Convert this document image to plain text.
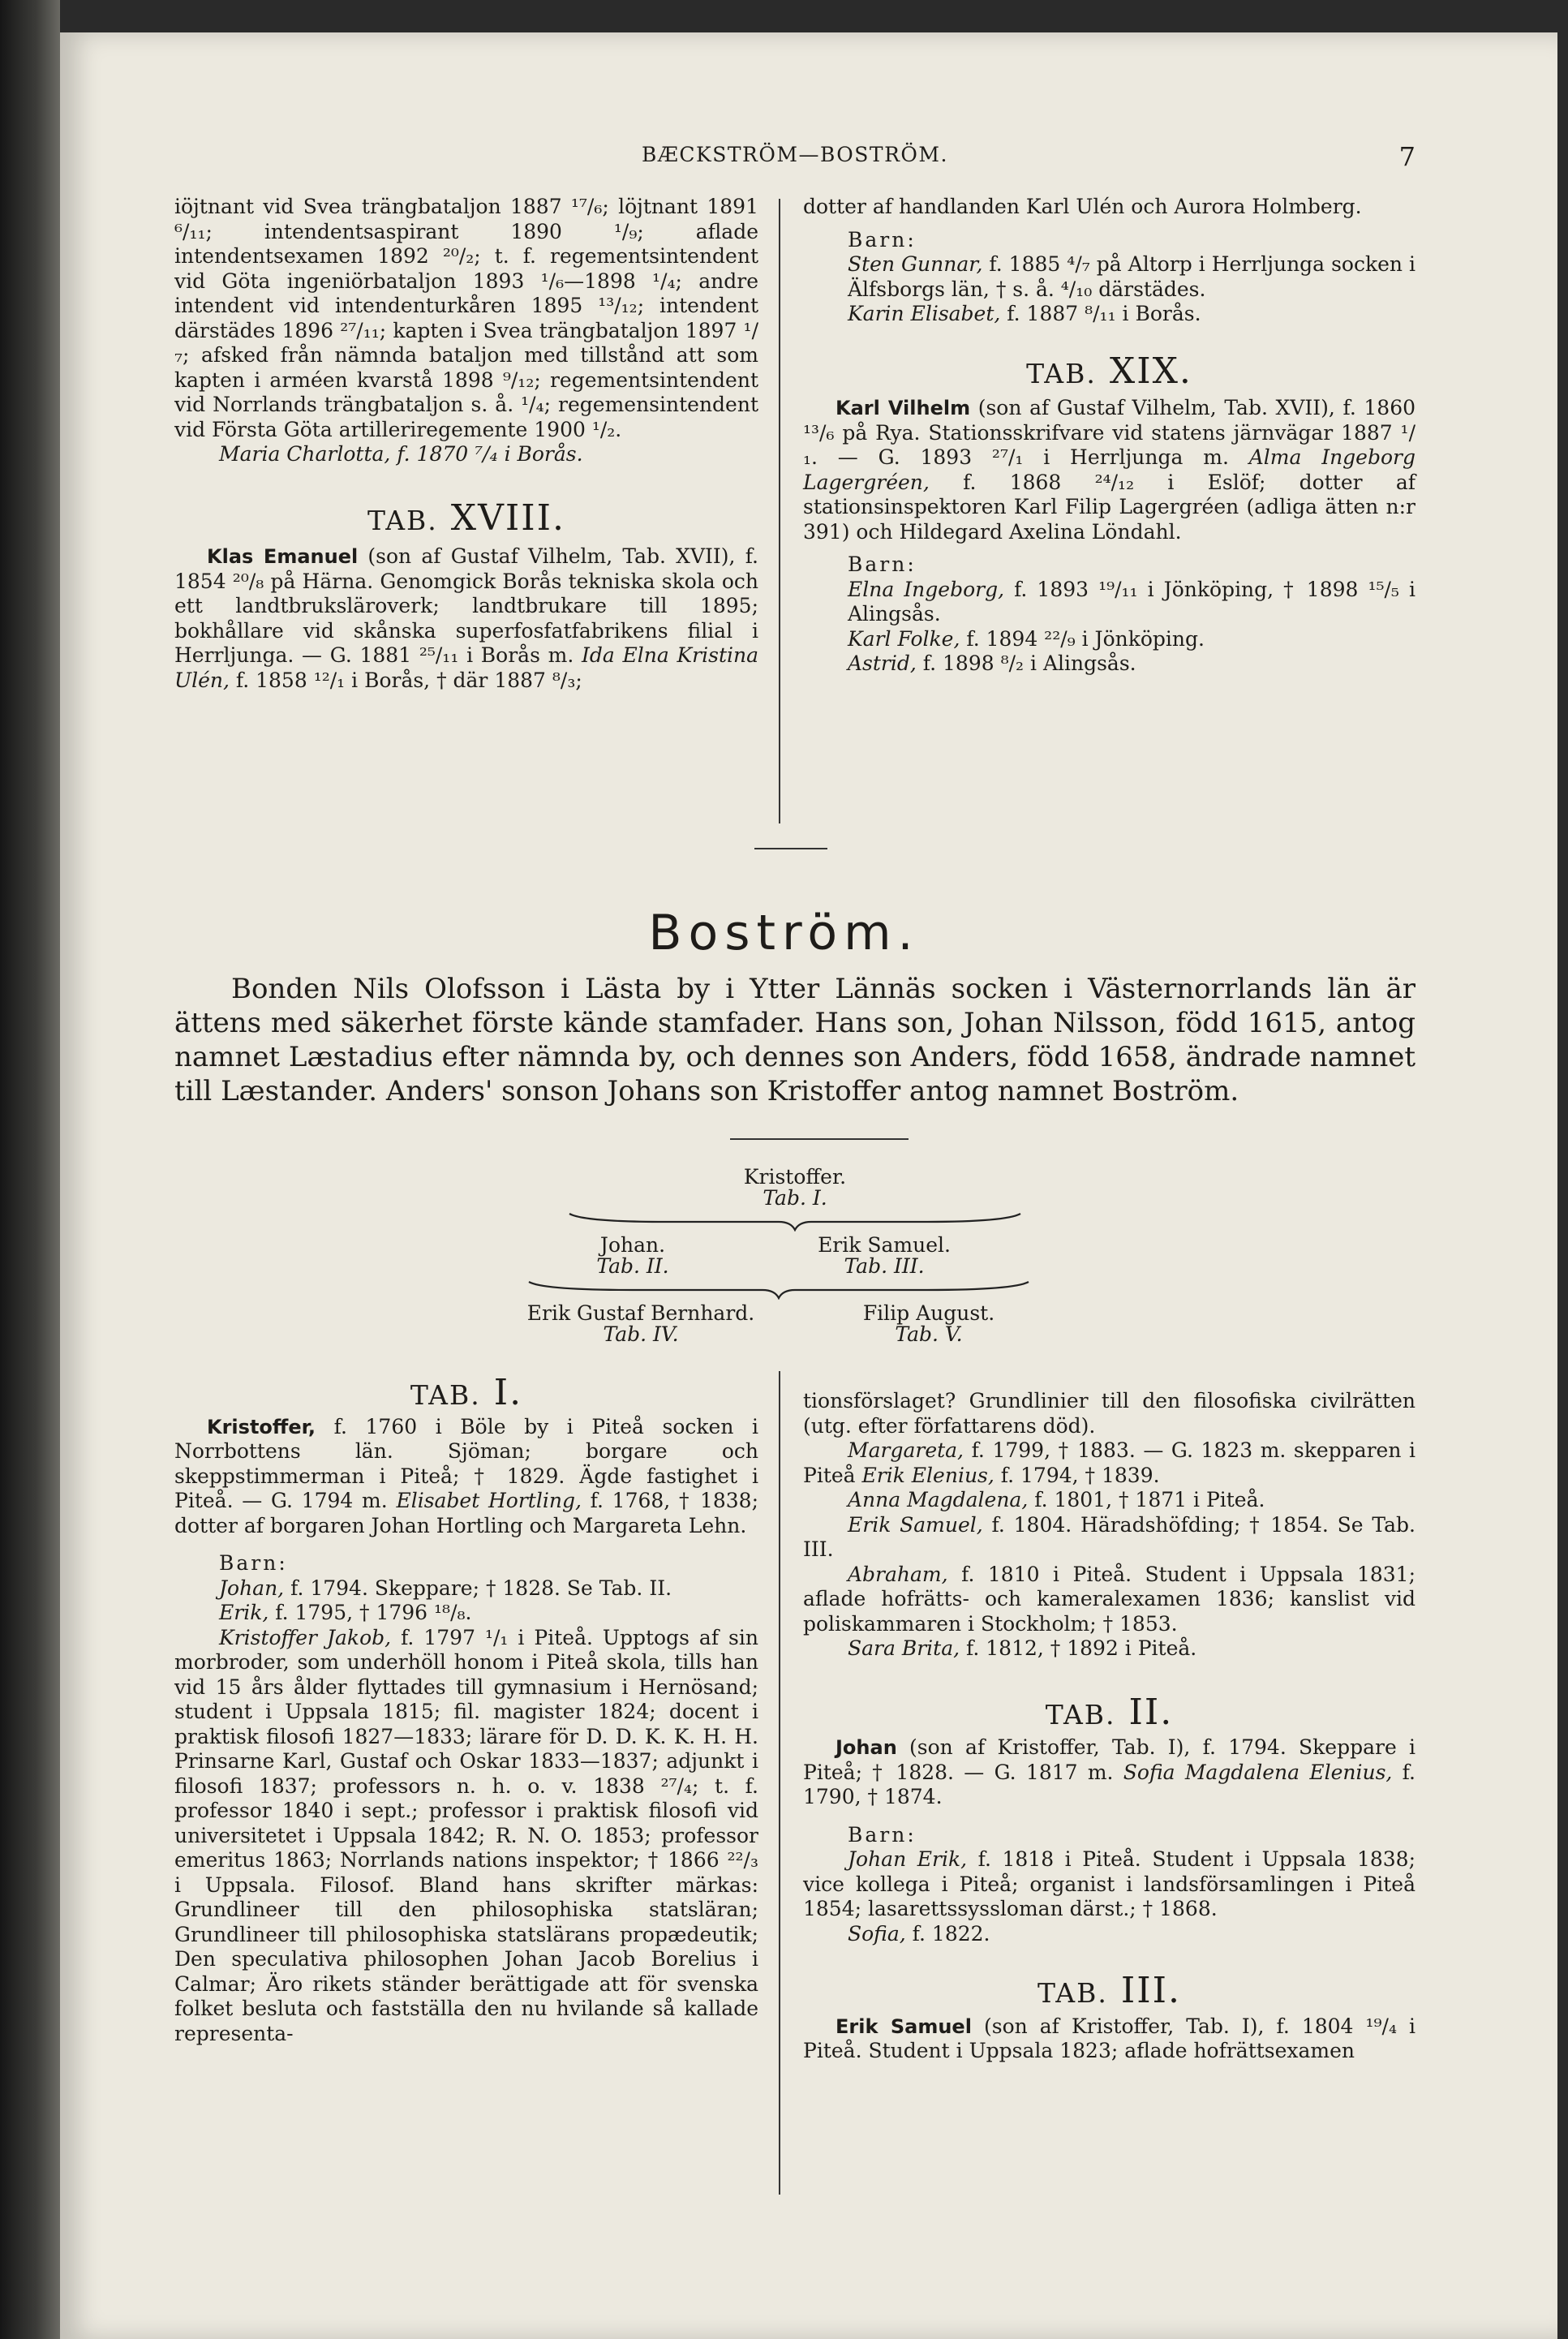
BÆCKSTRÖM—BOSTRÖM.	7

iöjtnant vid Svea trängbataljon 1887 ¹⁷/₆; löjtnant 1891 ⁶/₁₁; intendentsaspirant 1890 ¹/₉; aflade intendentsexamen 1892 ²⁰/₂; t. f. regementsintendent vid Göta ingeniörbataljon 1893 ¹/₆—1898 ¹/₄; andre intendent vid intendenturkåren 1895 ¹³/₁₂; intendent därstädes 1896 ²⁷/₁₁; kapten i Svea trängbataljon 1897 ¹/₇; afsked från nämnda bataljon med tillstånd att som kapten i arméen kvarstå 1898 ⁹/₁₂; regementsintendent vid Norrlands trängbataljon s. å. ¹/₄; regemensintendent vid Första Göta artilleriregemente 1900 ¹/₂.

Maria Charlotta, f. 1870 ⁷/₄ i Borås.

TAB. XVIII.

Klas Emanuel (son af Gustaf Vilhelm, Tab. XVII), f. 1854 ²⁰/₈ på Härna. Genomgick Borås tekniska skola och ett landtbruksläroverk; landtbrukare till 1895; bokhållare vid skånska superfosfatfabrikens filial i Herrljunga. — G. 1881 ²⁵/₁₁ i Borås m. Ida Elna Kristina Ulén, f. 1858 ¹²/₁ i Borås, † där 1887 ⁸/₃;

dotter af handlanden Karl Ulén och Aurora Holmberg.

Barn:

Sten Gunnar, f. 1885 ⁴/₇ på Altorp i Herrljunga socken i Älfsborgs län, † s. å. ⁴/₁₀ därstädes.

Karin Elisabet, f. 1887 ⁸/₁₁ i Borås.

TAB. XIX.

Karl Vilhelm (son af Gustaf Vilhelm, Tab. XVII), f. 1860 ¹³/₆ på Rya. Stationsskrifvare vid statens järnvägar 1887 ¹/₁. — G. 1893 ²⁷/₁ i Herrljunga m. Alma Ingeborg Lagergréen, f. 1868 ²⁴/₁₂ i Eslöf; dotter af stationsinspektoren Karl Filip Lagergréen (adliga ätten n:r 391) och Hildegard Axelina Löndahl.

Barn:

Elna Ingeborg, f. 1893 ¹⁹/₁₁ i Jönköping, † 1898 ¹⁵/₅ i Alingsås.

Karl Folke, f. 1894 ²²/₉ i Jönköping.

Astrid, f. 1898 ⁸/₂ i Alingsås.

Boström.

Bonden Nils Olofsson i Lästa by i Ytter Lännäs socken i Västernorrlands län är ättens med säkerhet förste kände stamfader. Hans son, Johan Nilsson, född 1615, antog namnet Læstadius efter nämnda by, och dennes son Anders, född 1658, ändrade namnet till Læstander. Anders' sonson Johans son Kristoffer antog namnet Boström.

Kristoffer.
Tab. I.
Johan.
Tab. II.
Erik Samuel.
Tab. III.
Erik Gustaf Bernhard.
Tab. IV.
Filip August.
Tab. V.

TAB. I.

Kristoffer, f. 1760 i Böle by i Piteå socken i Norrbottens län. Sjöman; borgare och skeppstimmerman i Piteå; † 1829. Ägde fastighet i Piteå. — G. 1794 m. Elisabet Hortling, f. 1768, † 1838; dotter af borgaren Johan Hortling och Margareta Lehn.

Barn:

Johan, f. 1794. Skeppare; † 1828. Se Tab. II.

Erik, f. 1795, † 1796 ¹⁸/₈.

Kristoffer Jakob, f. 1797 ¹/₁ i Piteå. Upptogs af sin morbroder, som underhöll honom i Piteå skola, tills han vid 15 års ålder flyttades till gymnasium i Hernösand; student i Uppsala 1815; fil. magister 1824; docent i praktisk filosofi 1827—1833; lärare för D. D. K. K. H. H. Prinsarne Karl, Gustaf och Oskar 1833—1837; adjunkt i filosofi 1837; professors n. h. o. v. 1838 ²⁷/₄; t. f. professor 1840 i sept.; professor i praktisk filosofi vid universitetet i Uppsala 1842; R. N. O. 1853; professor emeritus 1863; Norrlands nations inspektor; † 1866 ²²/₃ i Uppsala. Filosof. Bland hans skrifter märkas: Grundlineer till den philosophiska statsläran; Grundlineer till philosophiska statslärans propædeutik; Den speculativa philosophen Johan Jacob Borelius i Calmar; Äro rikets ständer berättigade att för svenska folket besluta och fastställa den nu hvilande så kallade representa-

tionsförslaget? Grundlinier till den filosofiska civilrätten (utg. efter författarens död).

Margareta, f. 1799, † 1883. — G. 1823 m. skepparen i Piteå Erik Elenius, f. 1794, † 1839.

Anna Magdalena, f. 1801, † 1871 i Piteå.

Erik Samuel, f. 1804. Häradshöfding; † 1854. Se Tab. III.

Abraham, f. 1810 i Piteå. Student i Uppsala 1831; aflade hofrätts- och kameralexamen 1836; kanslist vid poliskammaren i Stockholm; † 1853.

Sara Brita, f. 1812, † 1892 i Piteå.

TAB. II.

Johan (son af Kristoffer, Tab. I), f. 1794. Skeppare i Piteå; † 1828. — G. 1817 m. Sofia Magdalena Elenius, f. 1790, † 1874.

Barn:

Johan Erik, f. 1818 i Piteå. Student i Uppsala 1838; vice kollega i Piteå; organist i landsförsamlingen i Piteå 1854; lasarettssyssloman därst.; † 1868.

Sofia, f. 1822.

TAB. III.

Erik Samuel (son af Kristoffer, Tab. I), f. 1804 ¹⁹/₄ i Piteå. Student i Uppsala 1823; aflade hofrättsexamen
